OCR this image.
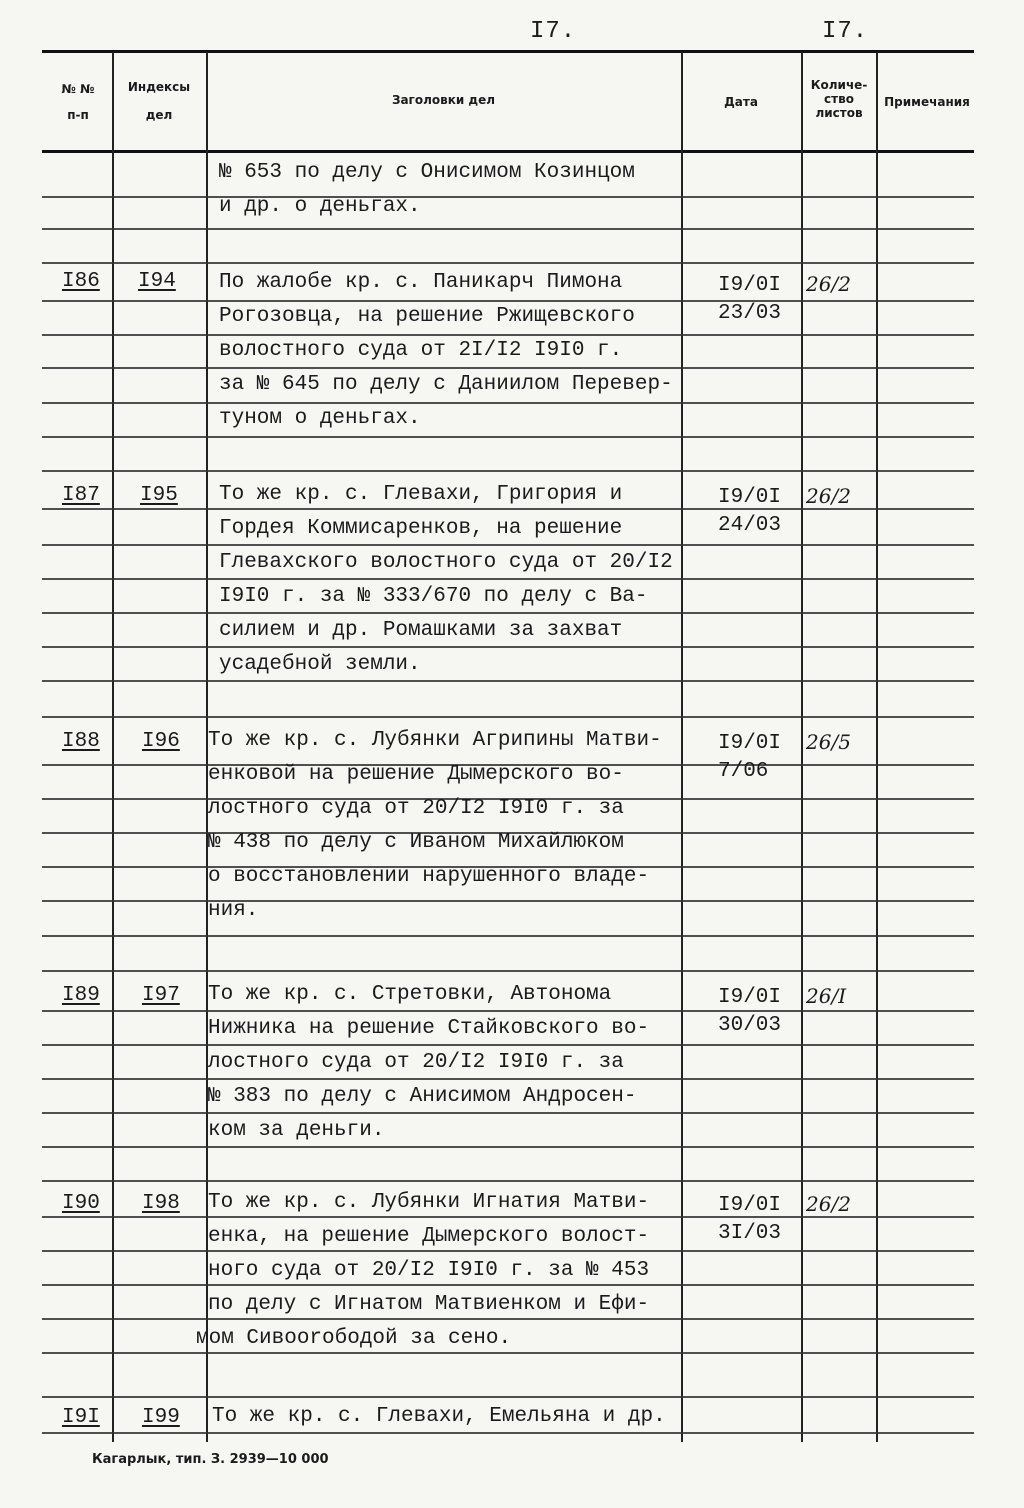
I7.	I7.
№ №
п-п
Индексы
дел
Заголовки дел	Дата
Количе-
ство
листов
Примечания
№ 653 по делу с Онисимом Козинцом
и др. о деньгах.
I86 I94 По жалобе кр. с. Паникарч Пимона
Рогозовца, на решение Ржищевского
волостного суда от 2I/I2 I9I0 г.
за № 645 по делу с Даниилом Перевер-
туном о деньгах.
I9/0I
23/03
26/2
I87 I95 То же кр. с. Глевахи, Григория и
Гордея Коммисаренков, на решение
Глевахского волостного суда от 20/I2
I9I0 г. за № 333/670 по делу с Ва-
силием и др. Ромашками за захват
усадебной земли.
I9/0I
24/03
26/2
I88 I96 То же кр. с. Лубянки Агрипины Матви-
енковой на решение Дымерского во-
лостного суда от 20/I2 I9I0 г. за
№ 438 по делу с Иваном Михайлюком
о восстановлении нарушенного владе-
ния.
I9/0I
7/06
26/5
I89 I97 То же кр. с. Стретовки, Автонома
Нижника на решение Стайковского во-
лостного суда от 20/I2 I9I0 г. за
№ 383 по делу с Анисимом Андросен-
ком за деньги.
I9/0I
30/03
26/I
I90 I98 То же кр. с. Лубянки Игнатия Матви-
енка, на решение Дымерского волост-
ного суда от 20/I2 I9I0 г. за № 453
по делу с Игнатом Матвиенком и Ефи-
мом Сивоorободой за сено.
I9/0I
3I/03
26/2
I9I I99 То же кр. с. Глевахи, Емельяна и др.
Кагарлык, тип. З. 2939—10 000
